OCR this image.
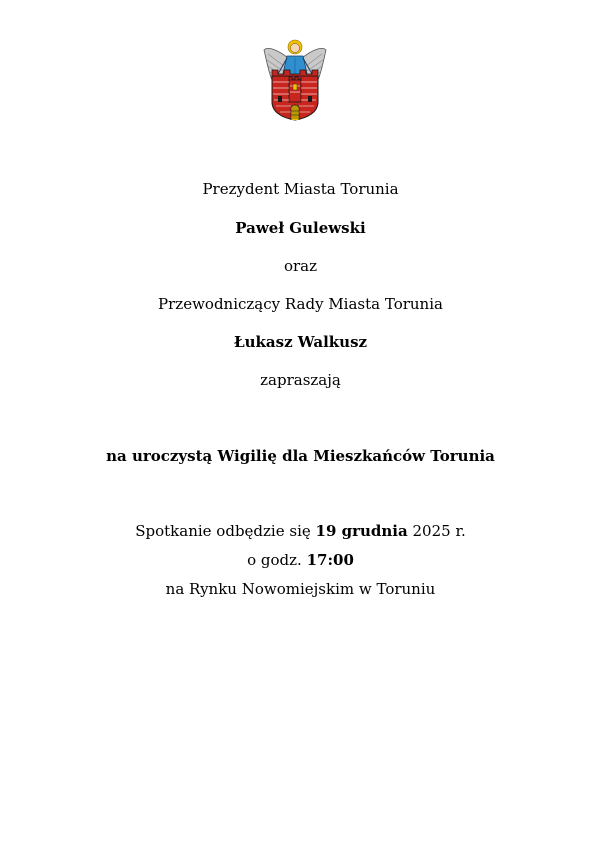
Prezydent Miasta Torunia
Paweł Gulewski
oraz
Przewodniczący Rady Miasta Torunia
Łukasz Walkusz
zapraszają
na uroczystą Wigilię dla Mieszkańców Torunia
Spotkanie odbędzie się 19 grudnia 2025 r.
o godz. 17:00
na Rynku Nowomiejskim w Toruniu
